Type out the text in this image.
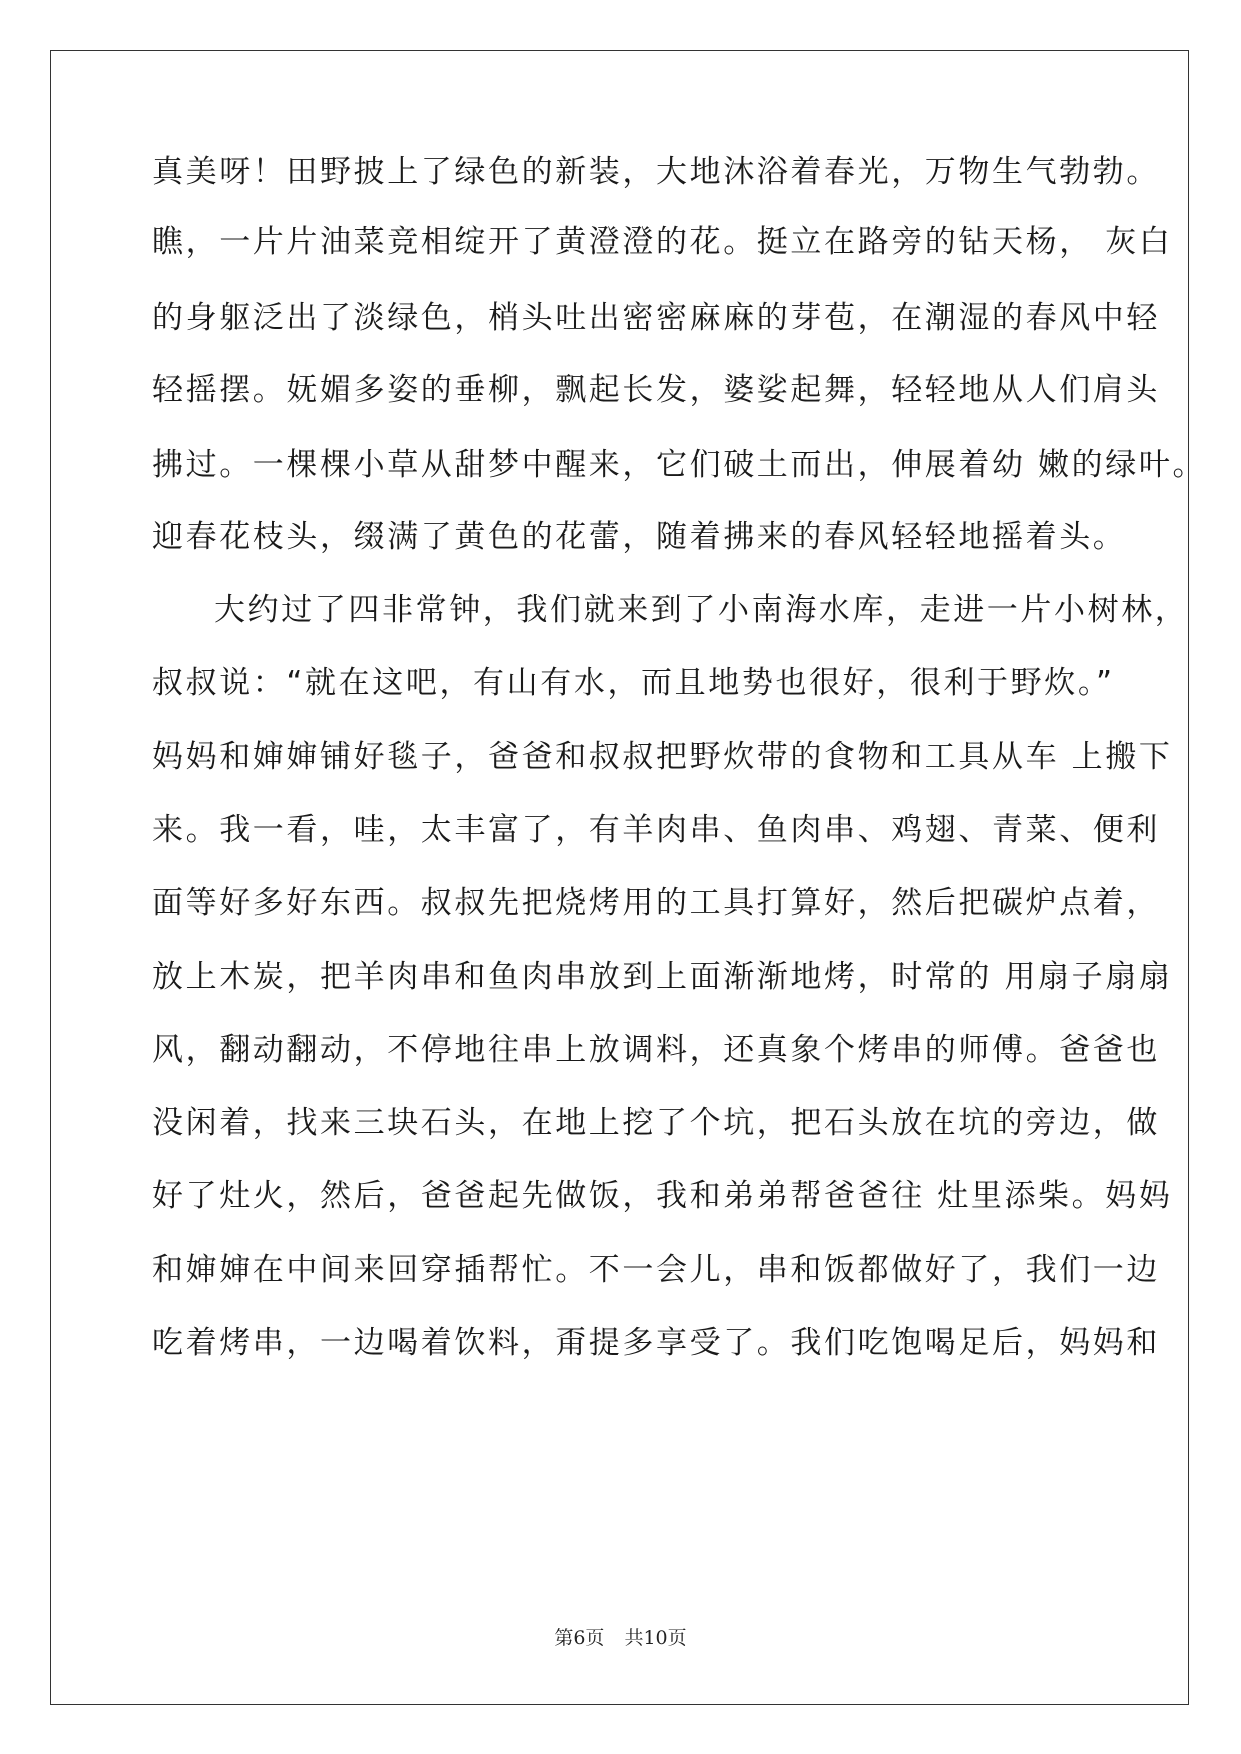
真美呀！田野披上了绿色的新装，大地沐浴着春光，万物生气勃勃。
瞧，一片片油菜竞相绽开了黄澄澄的花。挺立在路旁的钻天杨， 灰白
的身躯泛出了淡绿色，梢头吐出密密麻麻的芽苞，在潮湿的春风中轻
轻摇摆。妩媚多姿的垂柳，飘起长发，婆娑起舞，轻轻地从人们肩头
拂过。一棵棵小草从甜梦中醒来，它们破土而出，伸展着幼 嫩的绿叶。
迎春花枝头，缀满了黄色的花蕾，随着拂来的春风轻轻地摇着头。
大约过了四非常钟，我们就来到了小南海水库，走进一片小树林，
叔叔说：“就在这吧，有山有水，而且地势也很好，很利于野炊。”
妈妈和婶婶铺好毯子，爸爸和叔叔把野炊带的食物和工具从车 上搬下
来。我一看，哇，太丰富了，有羊肉串、鱼肉串、鸡翅、青菜、便利
面等好多好东西。叔叔先把烧烤用的工具打算好，然后把碳炉点着，
放上木炭，把羊肉串和鱼肉串放到上面渐渐地烤，时常的 用扇子扇扇
风，翻动翻动，不停地往串上放调料，还真象个烤串的师傅。爸爸也
没闲着，找来三块石头，在地上挖了个坑，把石头放在坑的旁边，做
好了灶火，然后，爸爸起先做饭，我和弟弟帮爸爸往 灶里添柴。妈妈
和婶婶在中间来回穿插帮忙。不一会儿，串和饭都做好了，我们一边
吃着烤串，一边喝着饮料，甭提多享受了。我们吃饱喝足后，妈妈和
第6页 共10页
